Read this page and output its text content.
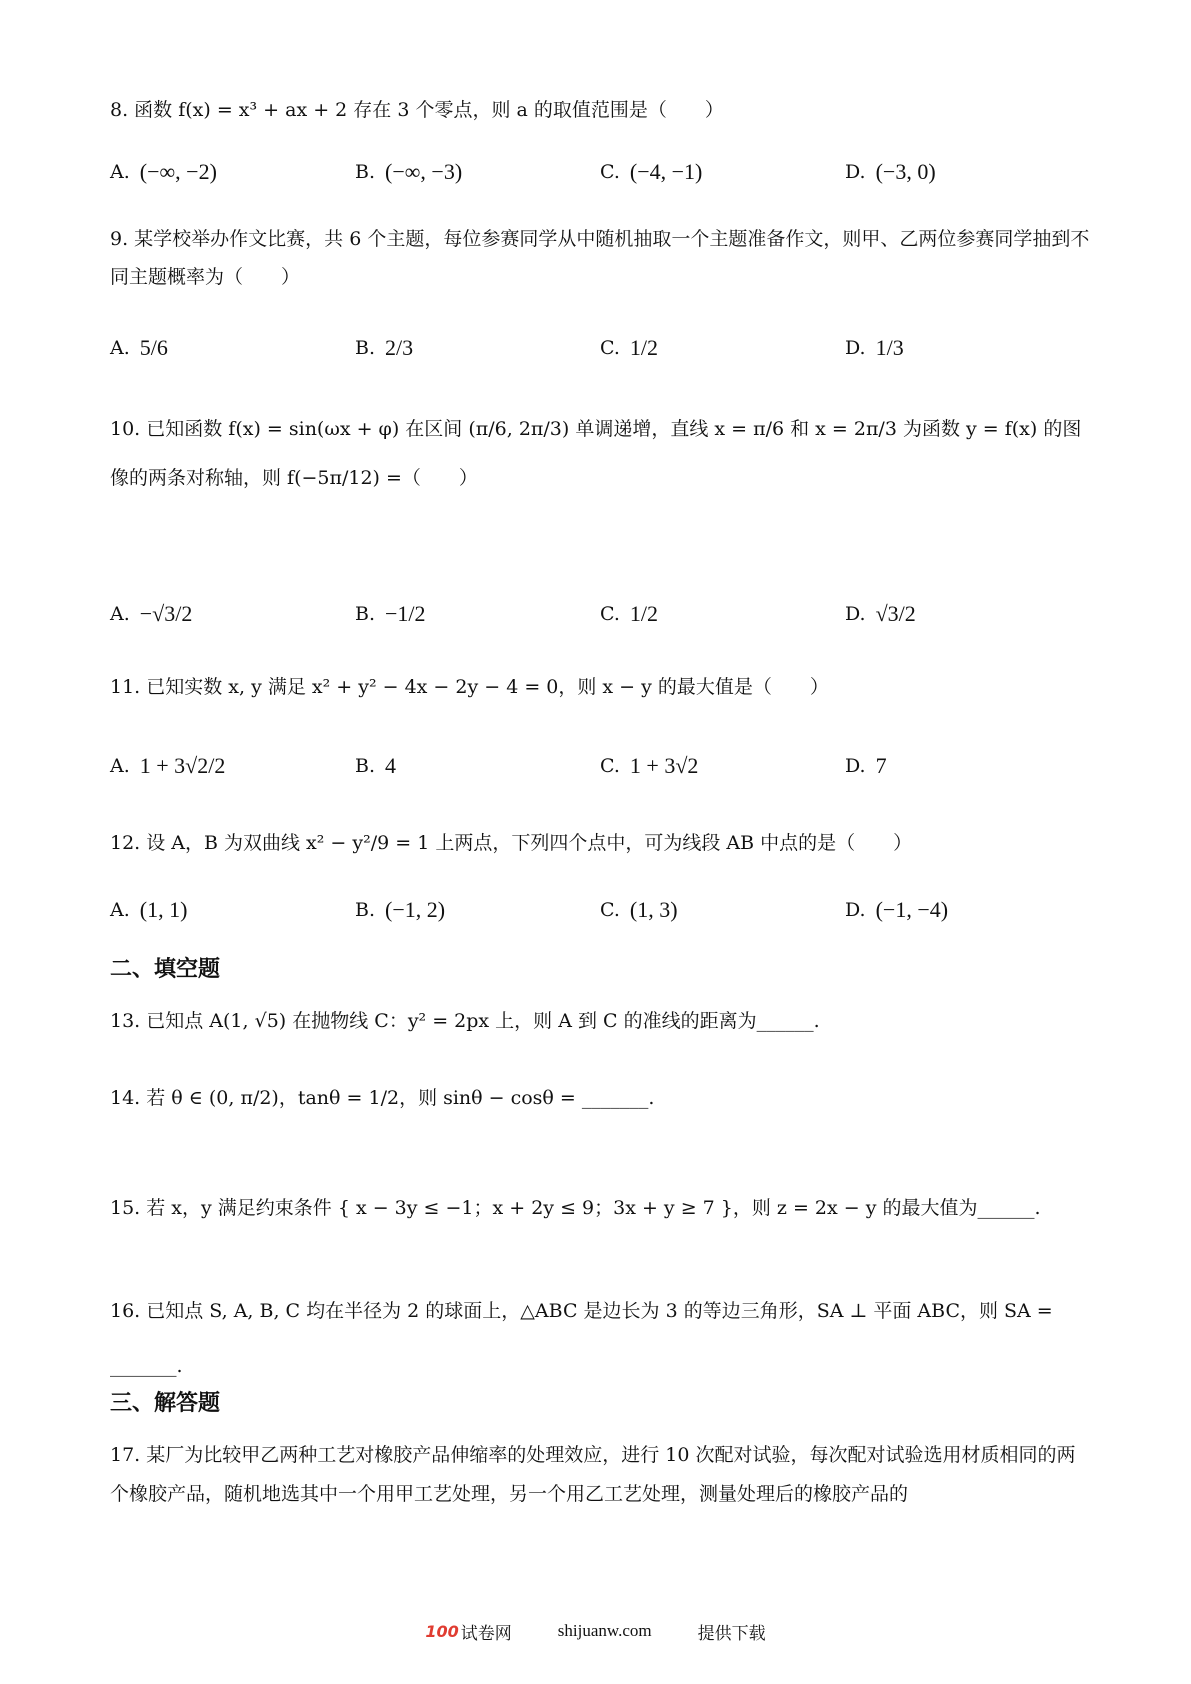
8. 函数 f(x) = x³ + ax + 2 存在 3 个零点，则 a 的取值范围是（　　）
A. (−∞, −2)	B. (−∞, −3)	C. (−4, −1)	D. (−3, 0)
9. 某学校举办作文比赛，共 6 个主题，每位参赛同学从中随机抽取一个主题准备作文，则甲、乙两位参赛同学抽到不同主题概率为（　　）
A. 5/6	B. 2/3	C. 1/2	D. 1/3
10. 已知函数 f(x) = sin(ωx + φ) 在区间 (π/6, 2π/3) 单调递增，直线 x = π/6 和 x = 2π/3 为函数 y = f(x) 的图像的两条对称轴，则 f(−5π/12) =（　　）
A. −√3/2	B. −1/2	C. 1/2	D. √3/2
11. 已知实数 x, y 满足 x² + y² − 4x − 2y − 4 = 0，则 x − y 的最大值是（　　）
A. 1 + 3√2/2	B. 4	C. 1 + 3√2	D. 7
12. 设 A，B 为双曲线 x² − y²/9 = 1 上两点，下列四个点中，可为线段 AB 中点的是（　　）
A. (1, 1)	B. (−1, 2)	C. (1, 3)	D. (−1, −4)
二、填空题
13. 已知点 A(1, √5) 在抛物线 C：y² = 2px 上，则 A 到 C 的准线的距离为______.
14. 若 θ ∈ (0, π/2)，tanθ = 1/2，则 sinθ − cosθ = _______.
15. 若 x，y 满足约束条件 { x − 3y ≤ −1；x + 2y ≤ 9；3x + y ≥ 7 }，则 z = 2x − y 的最大值为______.
16. 已知点 S, A, B, C 均在半径为 2 的球面上，△ABC 是边长为 3 的等边三角形，SA ⊥ 平面 ABC，则 SA = _______.
三、解答题
17. 某厂为比较甲乙两种工艺对橡胶产品伸缩率的处理效应，进行 10 次配对试验，每次配对试验选用材质相同的两个橡胶产品，随机地选其中一个用甲工艺处理，另一个用乙工艺处理，测量处理后的橡胶产品的
100 试卷网	shijuanw.com	提供下载
